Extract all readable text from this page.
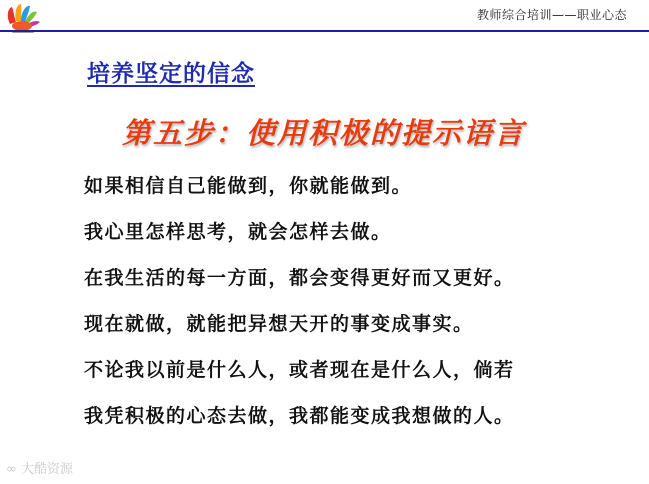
教师综合培训——职业心态
培养坚定的信念
第五步：使用积极的提示语言
如果相信自己能做到，你就能做到。
我心里怎样思考，就会怎样去做。
在我生活的每一方面，都会变得更好而又更好。
现在就做，就能把异想天开的事变成事实。
不论我以前是什么人，或者现在是什么人，倘若
我凭积极的心态去做，我都能变成我想做的人。
∞ 大酷资源
